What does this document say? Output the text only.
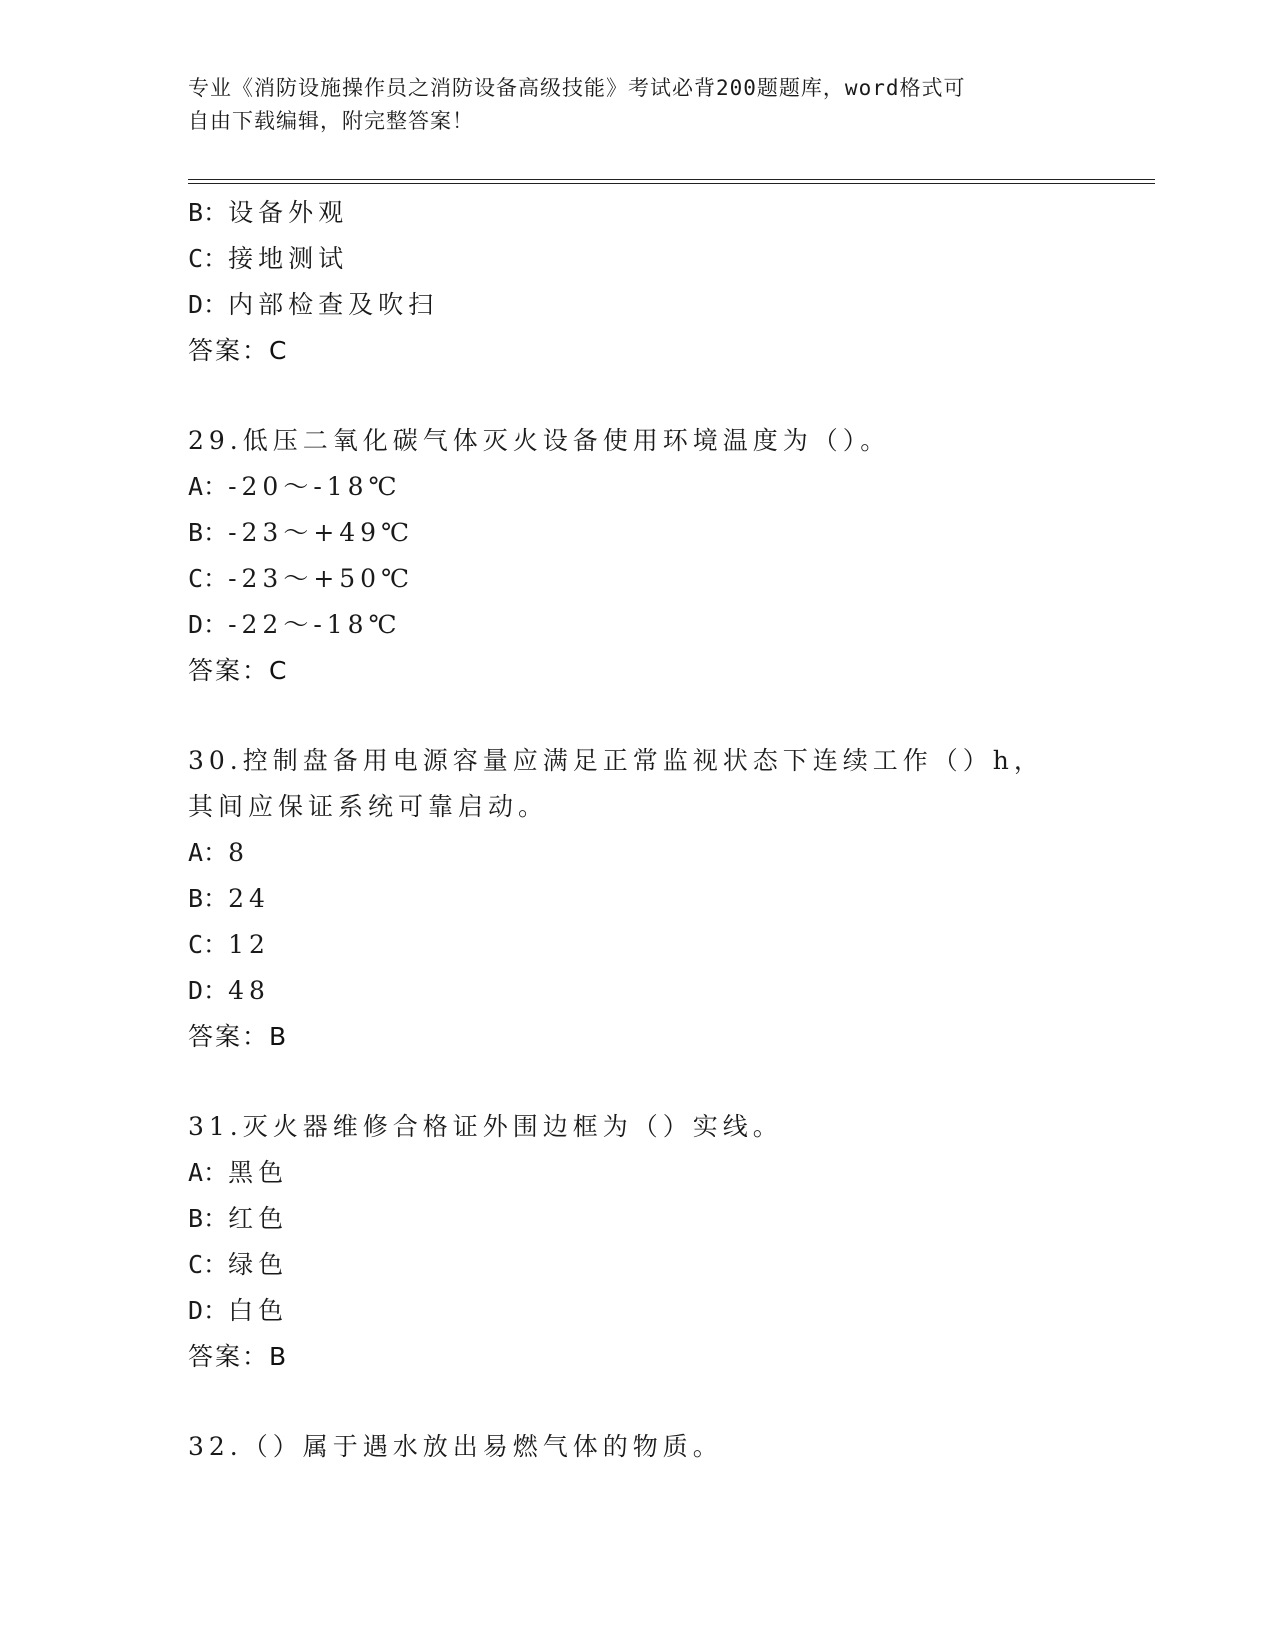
专业《消防设施操作员之消防设备高级技能》考试必背200题题库，word格式可
自由下载编辑，附完整答案！
B：设备外观
C：接地测试
D：内部检查及吹扫
答案：C
29.低压二氧化碳气体灭火设备使用环境温度为（）。
A：-20～-18℃
B：-23～+49℃
C：-23～+50℃
D：-22～-18℃
答案：C
30.控制盘备用电源容量应满足正常监视状态下连续工作（）h，其间应保证系统可靠启动。
A：8
B：24
C：12
D：48
答案：B
31.灭火器维修合格证外围边框为（）实线。
A：黑色
B：红色
C：绿色
D：白色
答案：B
32.（）属于遇水放出易燃气体的物质。
